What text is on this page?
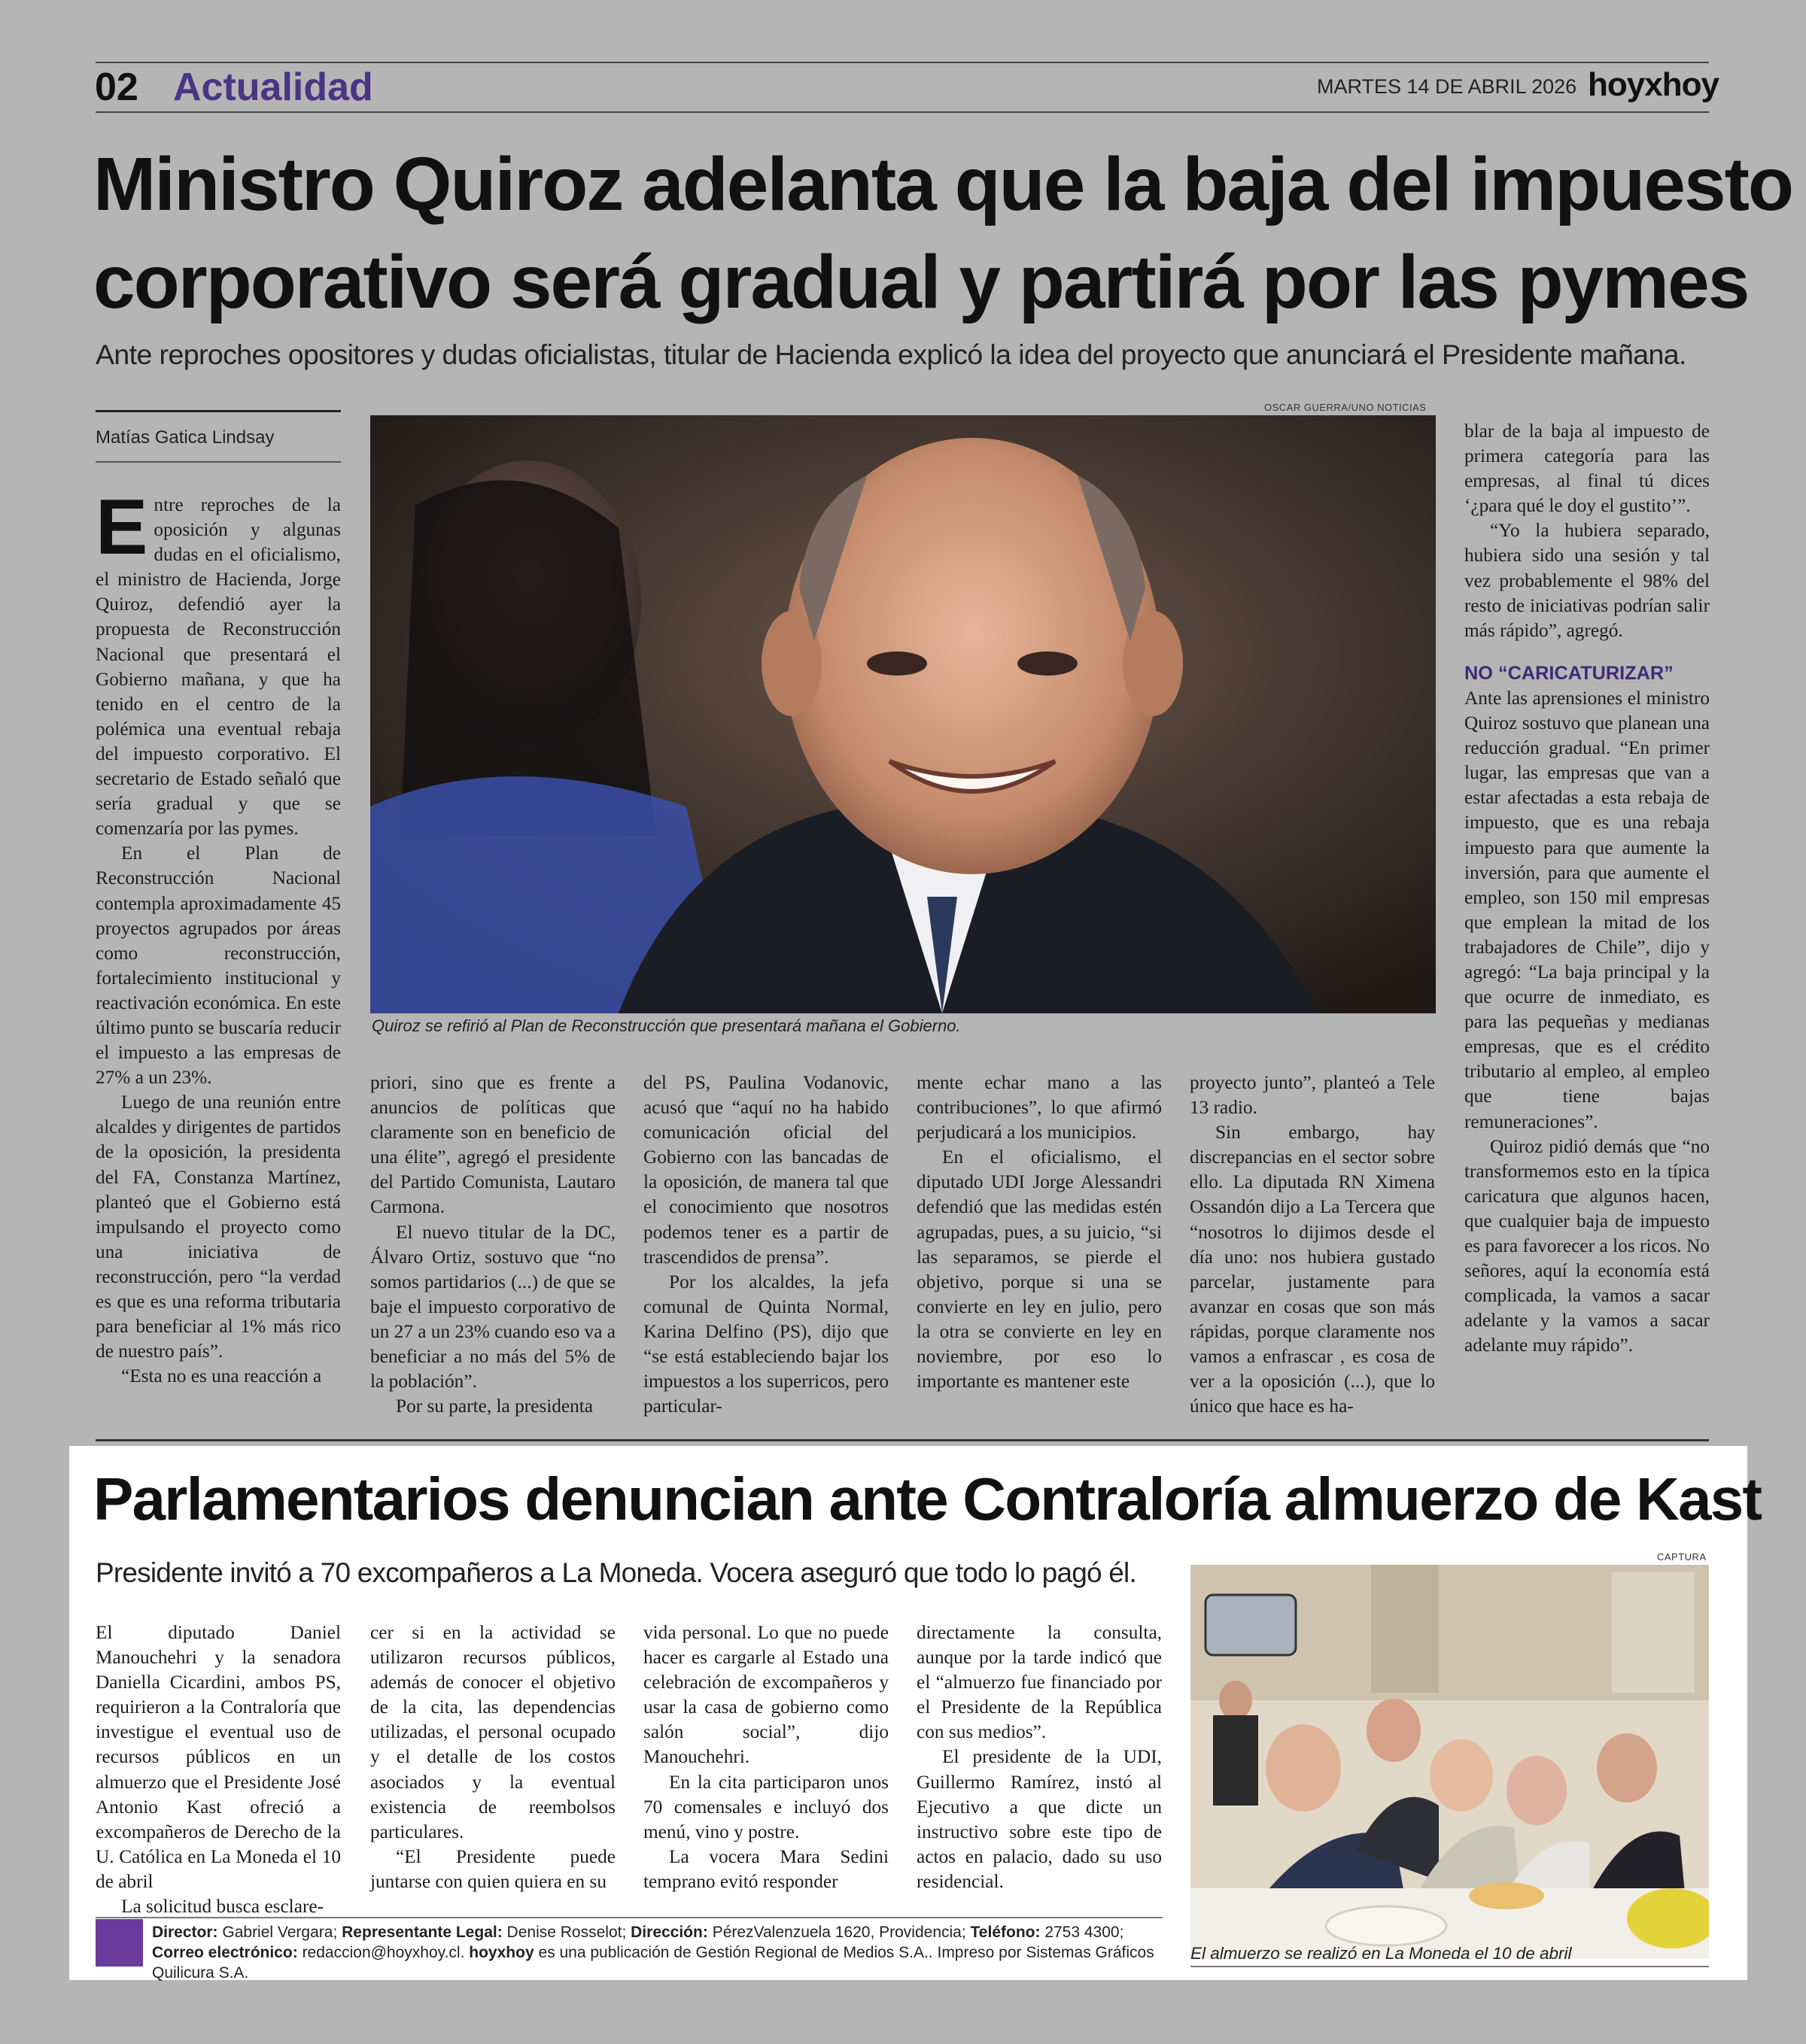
02 Actualidad	MARTES 14 DE ABRIL 2026 hoyxhoy
Ministro Quiroz adelanta que la baja del impuesto
corporativo será gradual y partirá por las pymes
Ante reproches opositores y dudas oficialistas, titular de Hacienda explicó la idea del proyecto que anunciará el Presidente mañana.
Matías Gatica Lindsay
OSCAR GUERRA/UNO NOTICIAS
Quiroz se refirió al Plan de Reconstrucción que presentará mañana el Gobierno.

Entre reproches de la oposición y algunas dudas en el oficialismo, el ministro de Hacienda, Jorge Quiroz, defendió ayer la propuesta de Reconstrucción Nacional que presentará el Gobierno mañana, y que ha tenido en el centro de la polémica una eventual rebaja del impuesto corporativo. El secretario de Estado señaló que sería gradual y que se comenzaría por las pymes.

En el Plan de Reconstrucción Nacional contempla aproximadamente 45 proyectos agrupados por áreas como reconstrucción, fortalecimiento institucional y reactivación económica. En este último punto se buscaría reducir el impuesto a las empresas de 27% a un 23%.

Luego de una reunión entre alcaldes y dirigentes de partidos de la oposición, la presidenta del FA, Constanza Martínez, planteó que el Gobierno está impulsando el proyecto como una iniciativa de reconstrucción, pero “la verdad es que es una reforma tributaria para beneficiar al 1% más rico de nuestro país”.

“Esta no es una reacción a

priori, sino que es frente a anuncios de políticas que claramente son en beneficio de una élite”, agregó el presidente del Partido Comunista, Lautaro Carmona.

El nuevo titular de la DC, Álvaro Ortiz, sostuvo que “no somos partidarios (...) de que se baje el impuesto corporativo de un 27 a un 23% cuando eso va a beneficiar a no más del 5% de la población”.

Por su parte, la presidenta

del PS, Paulina Vodanovic, acusó que “aquí no ha habido comunicación oficial del Gobierno con las bancadas de la oposición, de manera tal que el conocimiento que nosotros podemos tener es a partir de trascendidos de prensa”.

Por los alcaldes, la jefa comunal de Quinta Normal, Karina Delfino (PS), dijo que “se está estableciendo bajar los impuestos a los superricos, pero particular-

mente echar mano a las contribuciones”, lo que afirmó perjudicará a los municipios.

En el oficialismo, el diputado UDI Jorge Alessandri defendió que las medidas estén agrupadas, pues, a su juicio, “si las separamos, se pierde el objetivo, porque si una se convierte en ley en julio, pero la otra se convierte en ley en noviembre, por eso lo importante es mantener este

proyecto junto”, planteó a Tele 13 radio.

Sin embargo, hay discrepancias en el sector sobre ello. La diputada RN Ximena Ossandón dijo a La Tercera que “nosotros lo dijimos desde el día uno: nos hubiera gustado parcelar, justamente para avanzar en cosas que son más rápidas, porque claramente nos vamos a enfrascar , es cosa de ver a la oposición (...), que lo único que hace es ha-

blar de la baja al impuesto de primera categoría para las empresas, al final tú dices ‘¿para qué le doy el gustito’”.

“Yo la hubiera separado, hubiera sido una sesión y tal vez probablemente el 98% del resto de iniciativas podrían salir más rápido”, agregó.

NO “CARICATURIZAR”

Ante las aprensiones el ministro Quiroz sostuvo que planean una reducción gradual. “En primer lugar, las empresas que van a estar afectadas a esta rebaja de impuesto, que es una rebaja impuesto para que aumente la inversión, para que aumente el empleo, son 150 mil empresas que emplean la mitad de los trabajadores de Chile”, dijo y agregó: “La baja principal y la que ocurre de inmediato, es para las pequeñas y medianas empresas, que es el crédito tributario al empleo, al empleo que tiene bajas remuneraciones”.

Quiroz pidió demás que “no transformemos esto en la típica caricatura que algunos hacen, que cualquier baja de impuesto es para favorecer a los ricos. No señores, aquí la economía está complicada, la vamos a sacar adelante y la vamos a sacar adelante muy rápido”.

Parlamentarios denuncian ante Contraloría almuerzo de Kast
Presidente invitó a 70 excompañeros a La Moneda. Vocera aseguró que todo lo pagó él.

El diputado Daniel Manouchehri y la senadora Daniella Cicardini, ambos PS, requirieron a la Contraloría que investigue el eventual uso de recursos públicos en un almuerzo que el Presidente José Antonio Kast ofreció a excompañeros de Derecho de la U. Católica en La Moneda el 10 de abril

La solicitud busca esclare-

cer si en la actividad se utilizaron recursos públicos, además de conocer el objetivo de la cita, las dependencias utilizadas, el personal ocupado y el detalle de los costos asociados y la eventual existencia de reembolsos particulares.

“El Presidente puede juntarse con quien quiera en su

vida personal. Lo que no puede hacer es cargarle al Estado una celebración de excompañeros y usar la casa de gobierno como salón social”, dijo Manouchehri.

En la cita participaron unos 70 comensales e incluyó dos menú, vino y postre.

La vocera Mara Sedini temprano evitó responder

directamente la consulta, aunque por la tarde indicó que el “almuerzo fue financiado por el Presidente de la República con sus medios”.

El presidente de la UDI, Guillermo Ramírez, instó al Ejecutivo a que dicte un instructivo sobre este tipo de actos en palacio, dado su uso residencial.

CAPTURA
El almuerzo se realizó en La Moneda el 10 de abril
Director: Gabriel Vergara; Representante Legal: Denise Rosselot; Dirección: PérezValenzuela 1620, Providencia; Teléfono: 2753 4300; Correo electrónico: redaccion@hoyxhoy.cl. hoyxhoy es una publicación de Gestión Regional de Medios S.A.. Impreso por Sistemas Gráficos Quilicura S.A.
